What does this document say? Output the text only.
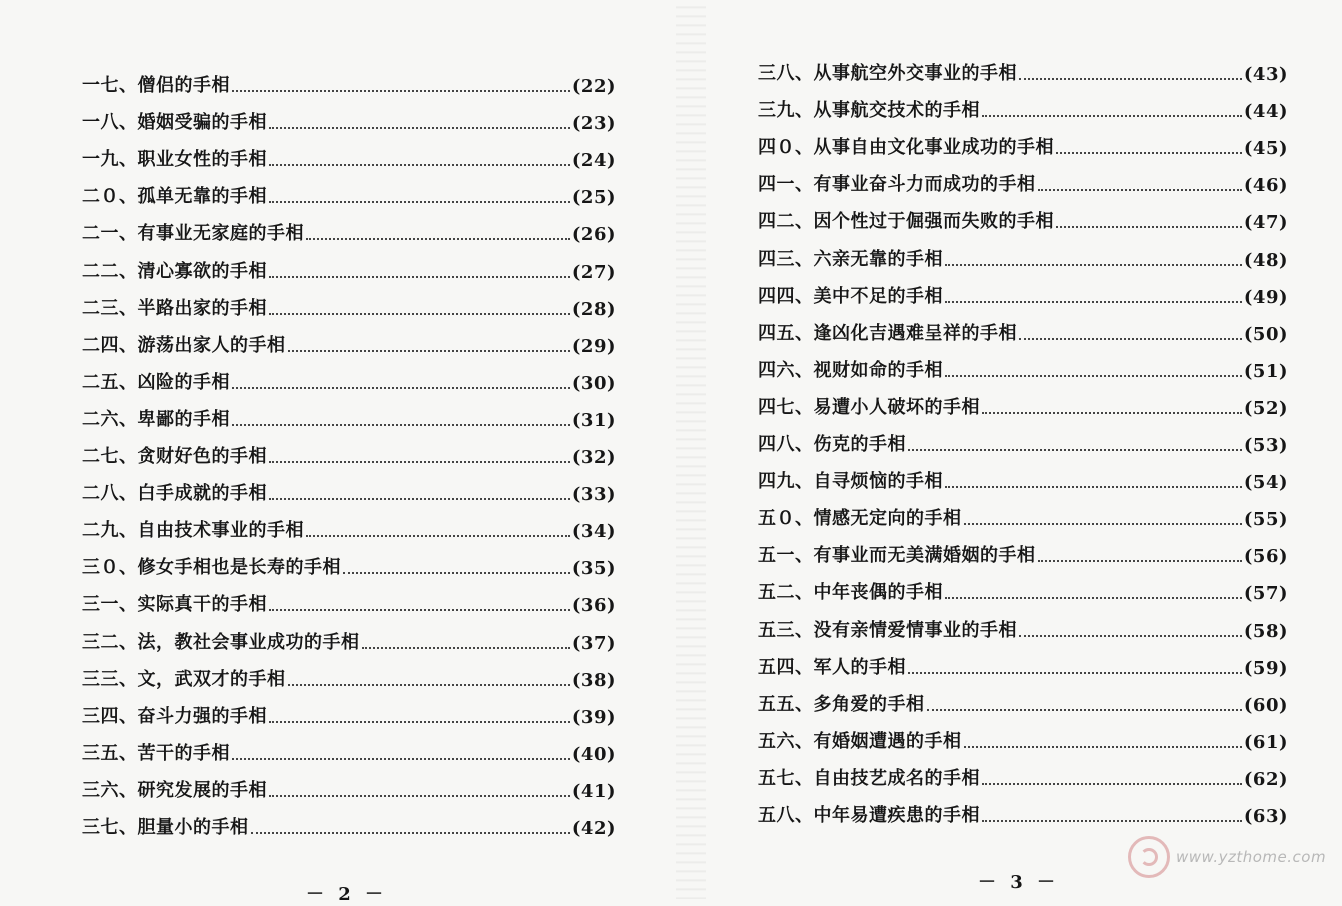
一七、 僧侣的手相	(22)
一八、 婚姻受骗的手相	(23)
一九、 职业女性的手相	(24)
二０、 孤单无靠的手相	(25)
二一、 有事业无家庭的手相	(26)
二二、 清心寡欲的手相	(27)
二三、 半路出家的手相	(28)
二四、 游荡出家人的手相	(29)
二五、 凶险的手相	(30)
二六、 卑鄙的手相	(31)
二七、 贪财好色的手相	(32)
二八、 白手成就的手相	(33)
二九、 自由技术事业的手相	(34)
三０、 修女手相也是长寿的手相	(35)
三一、 实际真干的手相	(36)
三二、 法，教社会事业成功的手相	(37)
三三、 文，武双才的手相	(38)
三四、 奋斗力强的手相	(39)
三五、 苦干的手相	(40)
三六、 研究发展的手相	(41)
三七、 胆量小的手相	(42)
－ 2 －
三八、 从事航空外交事业的手相	(43)
三九、 从事航交技术的手相	(44)
四０、 从事自由文化事业成功的手相	(45)
四一、 有事业奋斗力而成功的手相	(46)
四二、 因个性过于倔强而失败的手相	(47)
四三、 六亲无靠的手相	(48)
四四、 美中不足的手相	(49)
四五、 逢凶化吉遇难呈祥的手相	(50)
四六、 视财如命的手相	(51)
四七、 易遭小人破坏的手相	(52)
四八、 伤克的手相	(53)
四九、 自寻烦恼的手相	(54)
五０、 情感无定向的手相	(55)
五一、 有事业而无美满婚姻的手相	(56)
五二、 中年丧偶的手相	(57)
五三、 没有亲情爱情事业的手相	(58)
五四、 军人的手相	(59)
五五、 多角爱的手相	(60)
五六、 有婚姻遭遇的手相	(61)
五七、 自由技艺成名的手相	(62)
五八、 中年易遭疾患的手相	(63)
－ 3 －
www.yzthome.com
